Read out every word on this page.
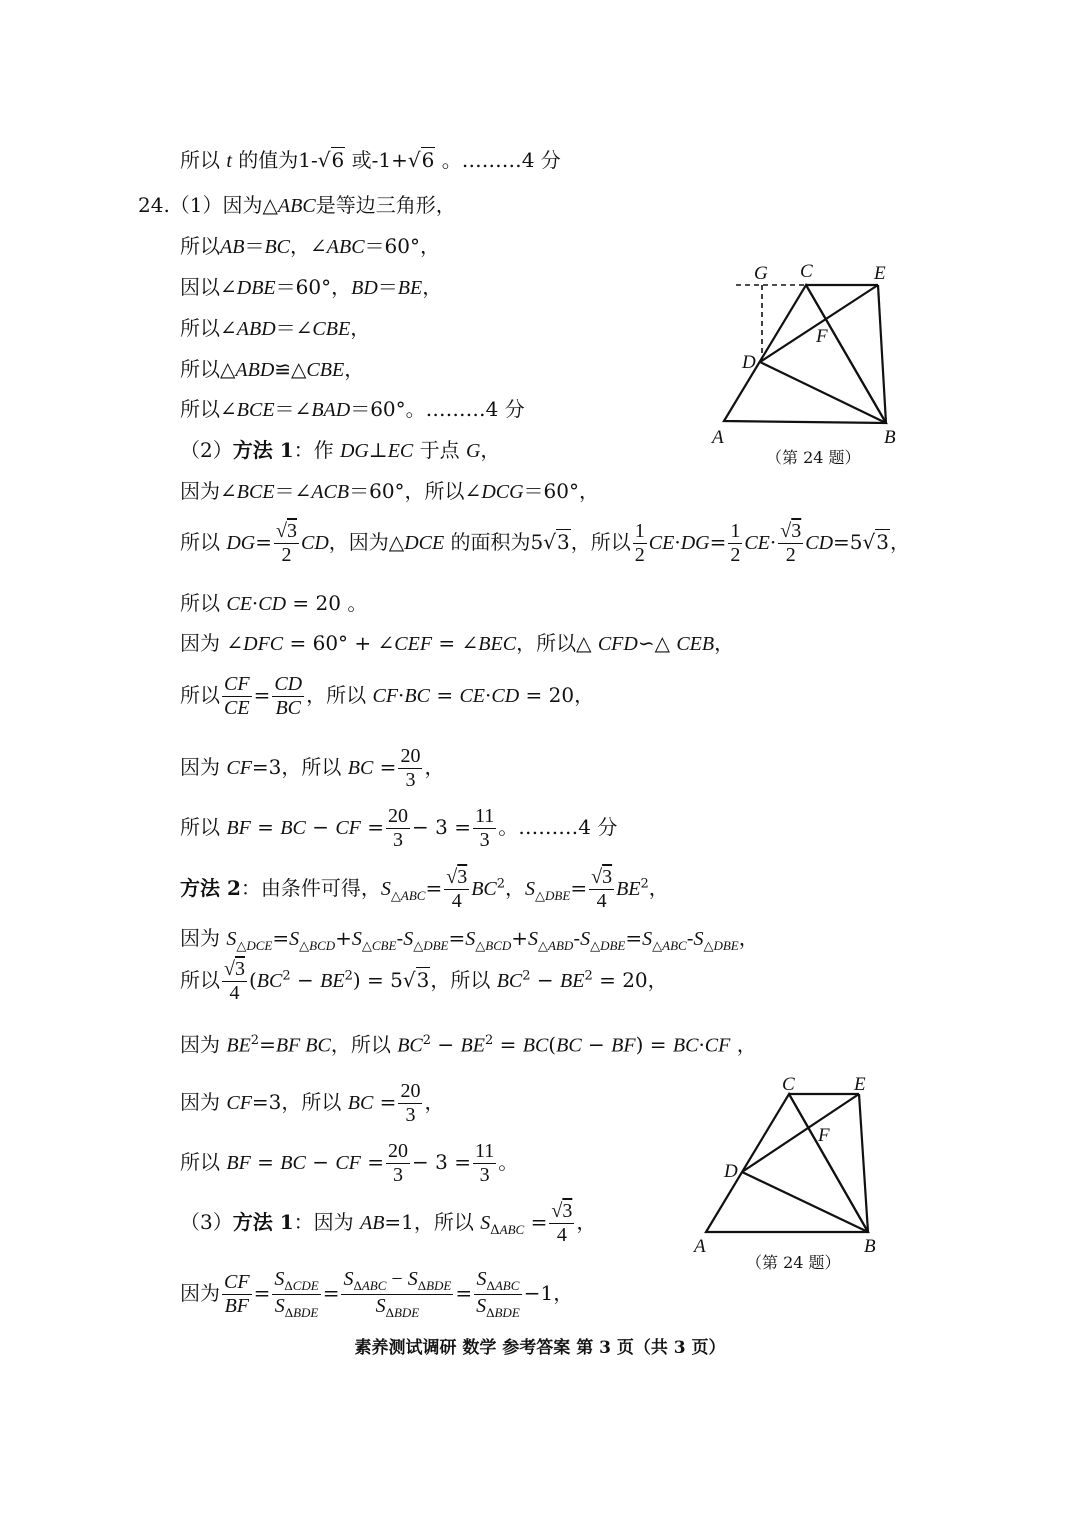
所以 t 的值为1-√6 或-1+√6 。………4 分
24.（1）因为△ABC是等边三角形，
所以AB＝BC，∠ABC＝60°，
因以∠DBE＝60°，BD＝BE，
所以∠ABD＝∠CBE，
所以△ABD≌△CBE，
所以∠BCE＝∠BAD＝60°。………4 分
（2）方法 1：作 DG⊥EC 于点 G，
因为∠BCE＝∠ACB＝60°，所以∠DCG＝60°，
所以 $DG= \frac{√3}{2}$ CD，因为△DCE 的面积为5√3，所以 $\frac{1}{2} CE\cdot DG= \frac{1}{2} CE\cdot \frac{√3}{2} CD=5√3$，
所以 CE·CD = 20 。
因为 ∠DFC = 60° + ∠CEF = ∠BEC，所以△ CFD∽△ CEB，
所以 $\frac{CF}{CE} = \frac{CD}{BC}$ ，所以 CF·BC = CE·CD = 20，
因为 CF=3，所以 BC = $\frac{20}{3}$ ，
所以 BF = BC − CF = $\frac{20}{3} - 3 = \frac{11}{3}$ 。………4 分
方法 2：由条件可得，$S_{\triangle ABC}= \frac{√3}{4} BC^2$，$S_{\triangle DBE}= \frac{√3}{4} BE^2$，
因为 $S_{\triangle DCE}=S_{\triangle BCD}+S_{\triangle CBE}-S_{\triangle DBE}=S_{\triangle BCD}+S_{\triangle ABD}-S_{\triangle DBE}=S_{\triangle ABC}-S_{\triangle DBE}$，
所以 $\frac{√3}{4} (BC^2 - BE^2) = 5√3$，所以 $BC^2 - BE^2 = 20$，
因为 $BE^2=BF$ BC，所以 $BC^2 - BE^2 = BC(BC - BF) = BC\cdot CF$ ，
因为 CF=3，所以 BC = $\frac{20}{3}$ ，
所以 BF = BC − CF = $\frac{20}{3} - 3 = \frac{11}{3}$ 。
（3）方法 1：因为 AB=1，所以 $S_{\Delta ABC} = \frac{√3}{4}$ ，
因为 $\frac{CF}{BF} = \frac{S_{\Delta CDE}}{S_{\Delta BDE}} = \frac{S_{\Delta ABC} - S_{\Delta BDE}}{S_{\Delta BDE}} = \frac{S_{\Delta ABC}}{S_{\Delta BDE}} -1$，
G C	E
F
D
A	B
（第 24 题）
C	E
F
D
A	B
（第 24 题）
素养测试调研 数学 参考答案 第 3 页（共 3 页）
